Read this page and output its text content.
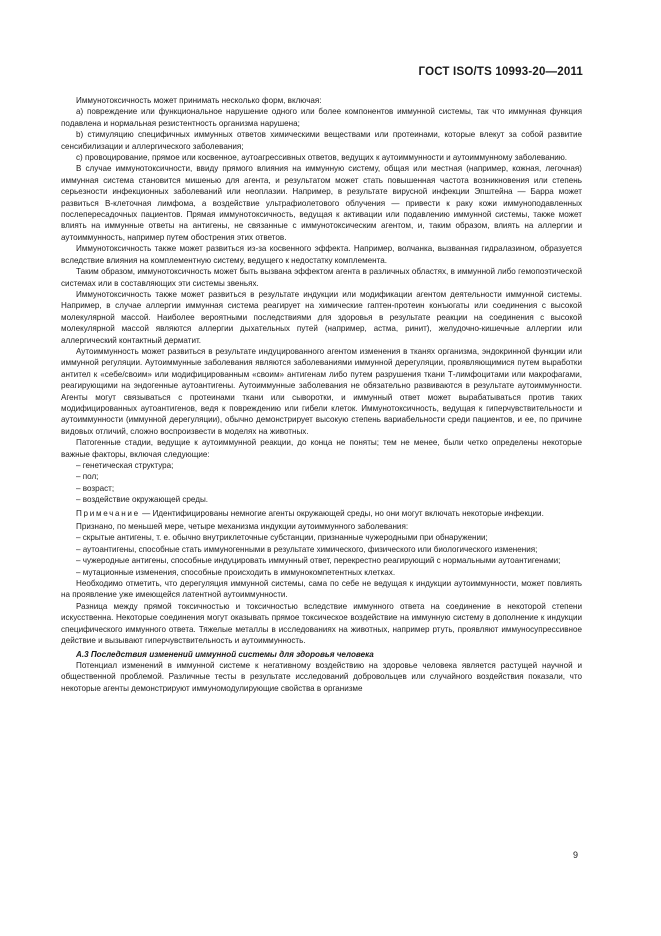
ГОСТ ISO/TS 10993-20—2011

Иммунотоксичность может принимать несколько форм, включая:

a) повреждение или функциональное нарушение одного или более компонентов иммунной системы, так что иммунная функция подавлена и нормальная резистентность организма нарушена;

b) стимуляцию специфичных иммунных ответов химическими веществами или протеинами, которые влекут за собой развитие сенсибилизации и аллергического заболевания;

c) провоцирование, прямое или косвенное, аутоагрессивных ответов, ведущих к аутоиммунности и аутоиммунному заболеванию.

В случае иммунотоксичности, ввиду прямого влияния на иммунную систему, общая или местная (например, кожная, легочная) иммунная система становится мишенью для агента, и результатом может стать повышенная частота возникновения или степень серьезности инфекционных заболеваний или неоплазии. Например, в результате вирусной инфекции Эпштейна — Барра может развиться B-клеточная лимфома, а воздействие ультрафиолетового облучения — привести к раку кожи иммуноподавленных послепересадочных пациентов. Прямая иммунотоксичность, ведущая к активации или подавлению иммунной системы, также может влиять на иммунные ответы на антигены, не связанные с иммунотоксическим агентом, и, таким образом, влиять на аллергии и аутоиммунность, например путем обострения этих ответов.

Иммунотоксичность также может развиться из-за косвенного эффекта. Например, волчанка, вызванная гидралазином, образуется вследствие влияния на комплементную систему, ведущего к недостатку комплемента.

Таким образом, иммунотоксичность может быть вызвана эффектом агента в различных областях, в иммунной либо гемопоэтической системах или в составляющих эти системы звеньях.

Иммунотоксичность также может развиться в результате индукции или модификации агентом деятельности иммунной системы. Например, в случае аллергии иммунная система реагирует на химические гаптен-протеин конъюгаты или соединения с высокой молекулярной массой. Наиболее вероятными последствиями для здоровья в результате реакции на соединения с высокой молекулярной массой являются аллергии дыхательных путей (например, астма, ринит), желудочно-кишечные аллергии или аллергический контактный дерматит.

Аутоиммунность может развиться в результате индуцированного агентом изменения в тканях организма, эндокринной функции или иммунной регуляции. Аутоиммунные заболевания являются заболеваниями иммунной дерегуляции, проявляющимися путем выработки антител к «себе/своим» или модифицированным «своим» антигенам либо путем разрушения ткани Т-лимфоцитами или макрофагами, реагирующими на эндогенные аутоантигены. Аутоиммунные заболевания не обязательно развиваются в результате аутоиммунности. Агенты могут связываться с протеинами ткани или сыворотки, и иммунный ответ может вырабатываться против таких модифицированных аутоантигенов, ведя к повреждению или гибели клеток. Иммунотоксичность, ведущая к гиперчувствительности и аутоиммунности (иммунной дерегуляции), обычно демонстрирует высокую степень вариабельности среди пациентов, и ее, по причине видовых отличий, сложно воспроизвести в моделях на животных.

Патогенные стадии, ведущие к аутоиммунной реакции, до конца не поняты; тем не менее, были четко определены некоторые важные факторы, включая следующие:

– генетическая структура;

– пол;

– возраст;

– воздействие окружающей среды.

Примечание — Идентифицированы немногие агенты окружающей среды, но они могут включать некоторые инфекции.

Признано, по меньшей мере, четыре механизма индукции аутоиммунного заболевания:

– скрытые антигены, т. е. обычно внутриклеточные субстанции, признанные чужеродными при обнаружении;

– аутоантигены, способные стать иммуногенными в результате химического, физического или биологического изменения;

– чужеродные антигены, способные индуцировать иммунный ответ, перекрестно реагирующий с нормальными аутоантигенами;

– мутационные изменения, способные происходить в иммунокомпетентных клетках.

Необходимо отметить, что дерегуляция иммунной системы, сама по себе не ведущая к индукции аутоиммунности, может повлиять на проявление уже имеющейся латентной аутоиммунности.

Разница между прямой токсичностью и токсичностью вследствие иммунного ответа на соединение в некоторой степени искусственна. Некоторые соединения могут оказывать прямое токсическое воздействие на иммунную систему в дополнение к индукции специфического иммунного ответа. Тяжелые металлы в исследованиях на животных, например ртуть, проявляют иммуносупрессивное действие и вызывают гиперчувствительность и аутоиммунность.

A.3 Последствия изменений иммунной системы для здоровья человека

Потенциал изменений в иммунной системе к негативному воздействию на здоровье человека является растущей научной и общественной проблемой. Различные тесты в результате исследований добровольцев или случайного воздействия показали, что некоторые агенты демонстрируют иммуномодулирующие свойства в организме

9
